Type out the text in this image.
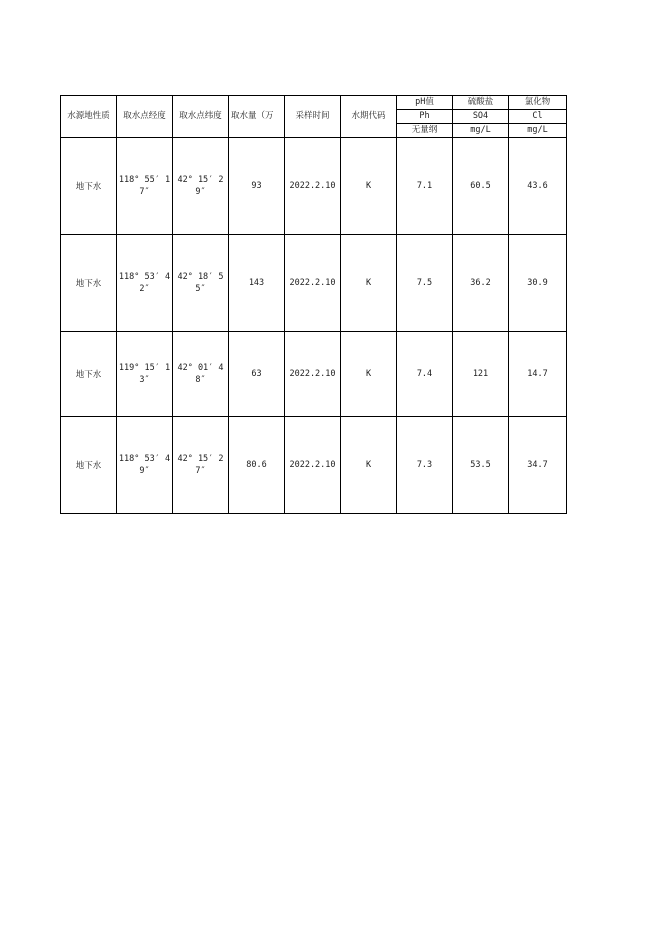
水源地性质	取水点经度	取水点纬度	取水量（万	采样时间	水期代码	pH值	硫酸盐	氯化物
						Ph	SO4	Cl
						无量纲	mg/L	mg/L
地下水	118° 55′ 17″	42° 15′ 29″	93	2022.2.10	K	7.1	60.5	43.6
地下水	118° 53′ 42″	42° 18′ 55″	143	2022.2.10	K	7.5	36.2	30.9
地下水	119° 15′ 13″	42° 01′ 48″	63	2022.2.10	K	7.4	121	14.7
地下水	118° 53′ 49″	42° 15′ 27″	80.6	2022.2.10	K	7.3	53.5	34.7
